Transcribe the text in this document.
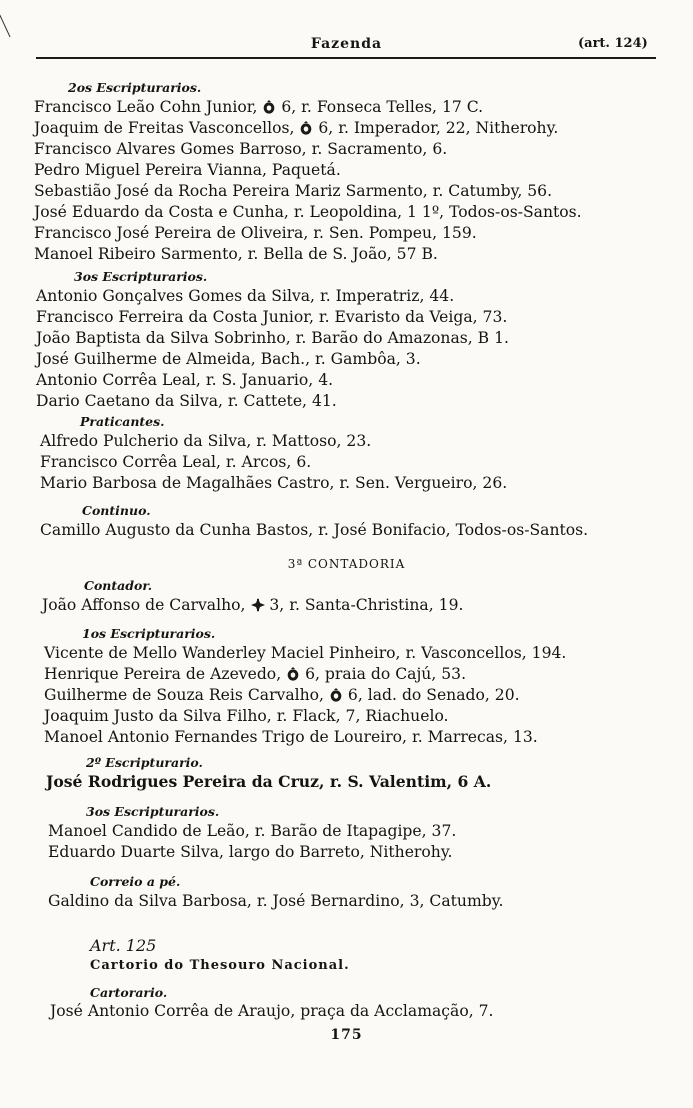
Fazenda	(art. 124)
2os Escripturarios.
Francisco Leão Cohn Junior,
6, r. Fonseca Telles, 17 C.
Joaquim de Freitas Vasconcellos,
6, r. Imperador, 22, Nitherohy.
Francisco Alvares Gomes Barroso, r. Sacramento, 6.
Pedro Miguel Pereira Vianna, Paquetá.
Sebastião José da Rocha Pereira Mariz Sarmento, r. Catumby, 56.
José Eduardo da Costa e Cunha, r. Leopoldina, 1 1º, Todos-os-Santos.
Francisco José Pereira de Oliveira, r. Sen. Pompeu, 159.
Manoel Ribeiro Sarmento, r. Bella de S. João, 57 B.
3os Escripturarios.
Antonio Gonçalves Gomes da Silva, r. Imperatriz, 44.
Francisco Ferreira da Costa Junior, r. Evaristo da Veiga, 73.
João Baptista da Silva Sobrinho, r. Barão do Amazonas, B 1.
José Guilherme de Almeida, Bach., r. Gambôa, 3.
Antonio Corrêa Leal, r. S. Januario, 4.
Dario Caetano da Silva, r. Cattete, 41.
Praticantes.
Alfredo Pulcherio da Silva, r. Mattoso, 23.
Francisco Corrêa Leal, r. Arcos, 6.
Mario Barbosa de Magalhães Castro, r. Sen. Vergueiro, 26.
Continuo.
Camillo Augusto da Cunha Bastos, r. José Bonifacio, Todos-os-Santos.
3ª CONTADORIA
Contador.
João Affonso de Carvalho,
3, r. Santa-Christina, 19.
1os Escripturarios.
Vicente de Mello Wanderley Maciel Pinheiro, r. Vasconcellos, 194.
Henrique Pereira de Azevedo,
6, praia do Cajú, 53.
Guilherme de Souza Reis Carvalho,
6, lad. do Senado, 20.
Joaquim Justo da Silva Filho, r. Flack, 7, Riachuelo.
Manoel Antonio Fernandes Trigo de Loureiro, r. Marrecas, 13.
2º Escripturario.
José Rodrigues Pereira da Cruz, r. S. Valentim, 6 A.
3os Escripturarios.
Manoel Candido de Leão, r. Barão de Itapagipe, 37.
Eduardo Duarte Silva, largo do Barreto, Nitherohy.
Correio a pé.
Galdino da Silva Barbosa, r. José Bernardino, 3, Catumby.
Art. 125
Cartorio do Thesouro Nacional.
Cartorario.
José Antonio Corrêa de Araujo, praça da Acclamação, 7.
175
